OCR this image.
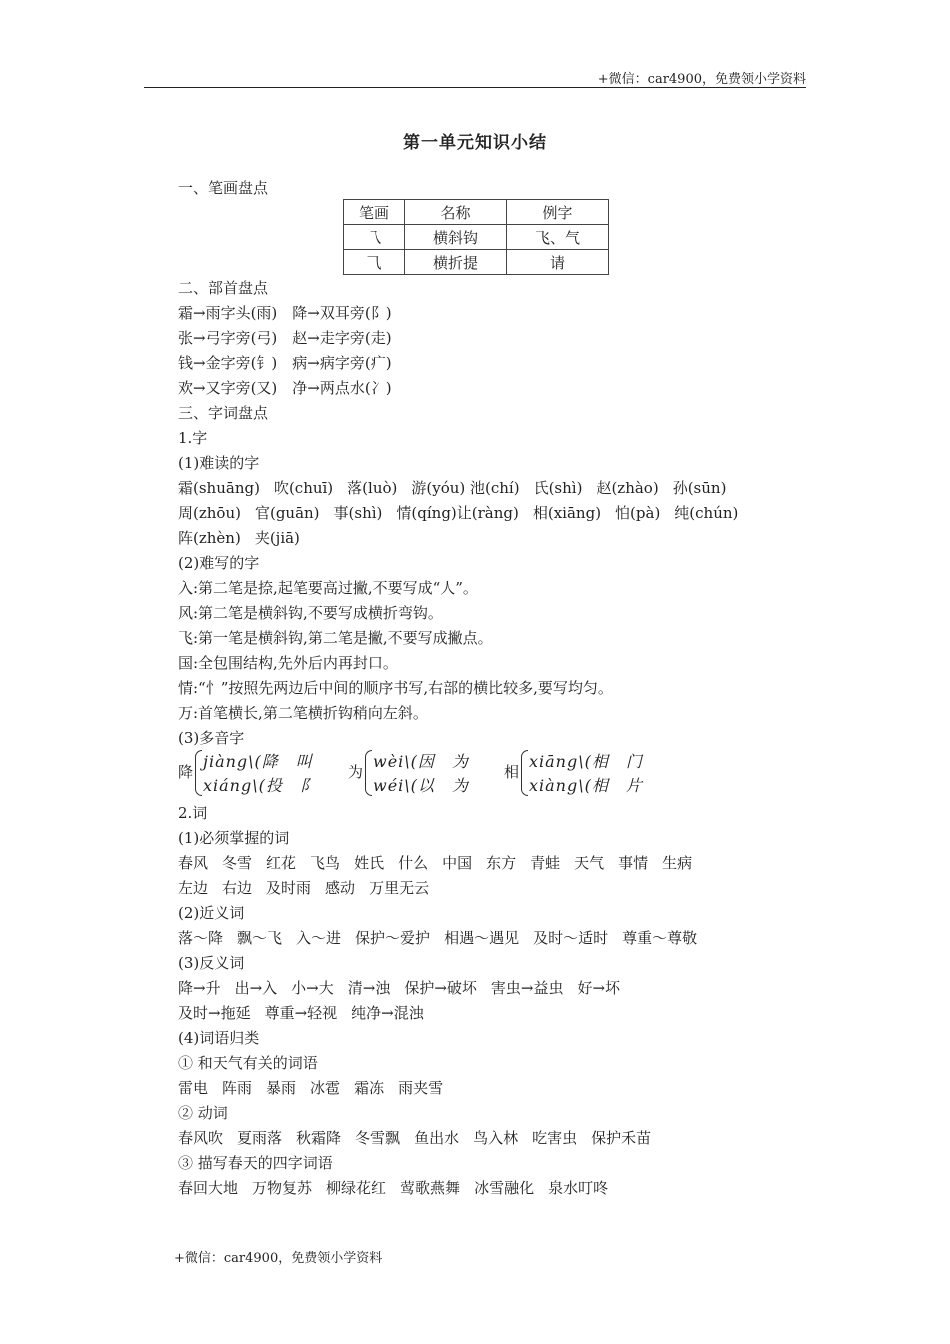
+微信：car4900，免费领小学资料
第一单元知识小结
笔画	名称	例字
乁	横斜钩	飞、气
⺄	横折提	请
一、笔画盘点
二、部首盘点
霜→雨字头(雨)　降→双耳旁(阝)
张→弓字旁(弓)　赵→走字旁(走)
钱→金字旁(钅)　病→病字旁(疒)
欢→又字旁(又)　净→两点水(冫)
三、字词盘点
1.字
(1)难读的字
霜(shuāng) 吹(chuī) 落(luò) 游(yóu) 池(chí) 氏(shì) 赵(zhào) 孙(sūn)
周(zhōu) 官(guān) 事(shì) 情(qíng)让(ràng) 相(xiāng) 怕(pà) 纯(chún)
阵(zhèn) 夹(jiā)
(2)难写的字
入:第二笔是捺,起笔要高过撇,不要写成“人”。
风:第二笔是横斜钩,不要写成横折弯钩。
飞:第一笔是横斜钩,第二笔是撇,不要写成撇点。
国:全包围结构,先外后内再封口。
情:“忄”按照先两边后中间的顺序书写,右部的横比较多,要写均匀。
万:首笔横长,第二笔横折钩稍向左斜。
(3)多音字
2.词
(1)必须掌握的词
春风 冬雪 红花 飞鸟 姓氏 什么 中国 东方 青蛙 天气 事情 生病
左边 右边 及时雨 感动 万里无云
(2)近义词
落～降 飘～飞 入～进 保护～爱护 相遇～遇见 及时～适时 尊重～尊敬
(3)反义词
降→升 出→入 小→大 清→浊 保护→破坏 害虫→益虫 好→坏
及时→拖延 尊重→轻视 纯净→混浊
(4)词语归类
① 和天气有关的词语
雷电 阵雨 暴雨 冰雹 霜冻 雨夹雪
② 动词
春风吹 夏雨落 秋霜降 冬雪飘 鱼出水 鸟入林 吃害虫 保护禾苗
③ 描写春天的四字词语
春回大地 万物复苏 柳绿花红 莺歌燕舞 冰雪融化 泉水叮咚
降
jiàng\(降　叫
xiáng\(投　阝
为
wèi\(因　为
wéi\(以　为
相
xiāng\(相　门
xiàng\(相　片
+微信：car4900，免费领小学资料
